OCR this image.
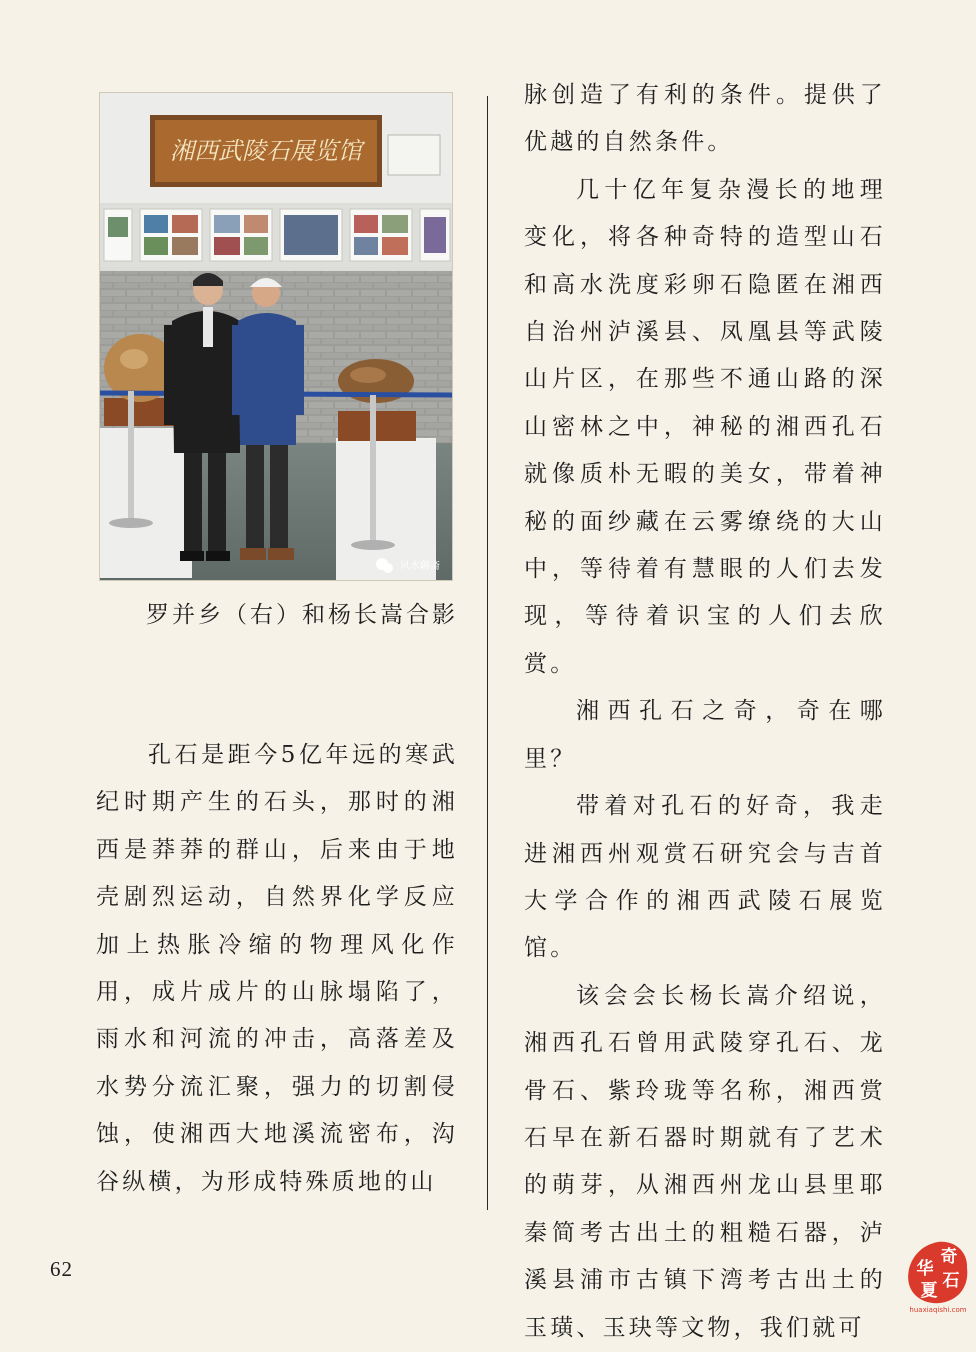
湘西武陵石展览馆
风水聊斋

罗并乡（右）和杨长嵩合影

孔石是距今5亿年远的寒武纪时期产生的石头，那时的湘西是莽莽的群山，后来由于地壳剧烈运动，自然界化学反应加上热胀冷缩的物理风化作用，成片成片的山脉塌陷了，雨水和河流的冲击，高落差及水势分流汇聚，强力的切割侵蚀，使湘西大地溪流密布，沟谷纵横，为形成特殊质地的山

脉创造了有利的条件。提供了优越的自然条件。

几十亿年复杂漫长的地理变化，将各种奇特的造型山石和高水洗度彩卵石隐匿在湘西自治州泸溪县、凤凰县等武陵山片区，在那些不通山路的深山密林之中，神秘的湘西孔石就像质朴无暇的美女，带着神秘的面纱藏在云雾缭绕的大山中，等待着有慧眼的人们去发现，等待着识宝的人们去欣赏。

湘西孔石之奇，奇在哪里？

带着对孔石的好奇，我走进湘西州观赏石研究会与吉首大学合作的湘西武陵石展览馆。

该会会长杨长嵩介绍说，湘西孔石曾用武陵穿孔石、龙骨石、紫玲珑等名称，湘西赏石早在新石器时期就有了艺术的萌芽，从湘西州龙山县里耶秦简考古出土的粗糙石器，泸溪县浦市古镇下湾考古出土的玉璜、玉玦等文物，我们就可

62	奇
华
石
夏
huaxiaqishi.com
